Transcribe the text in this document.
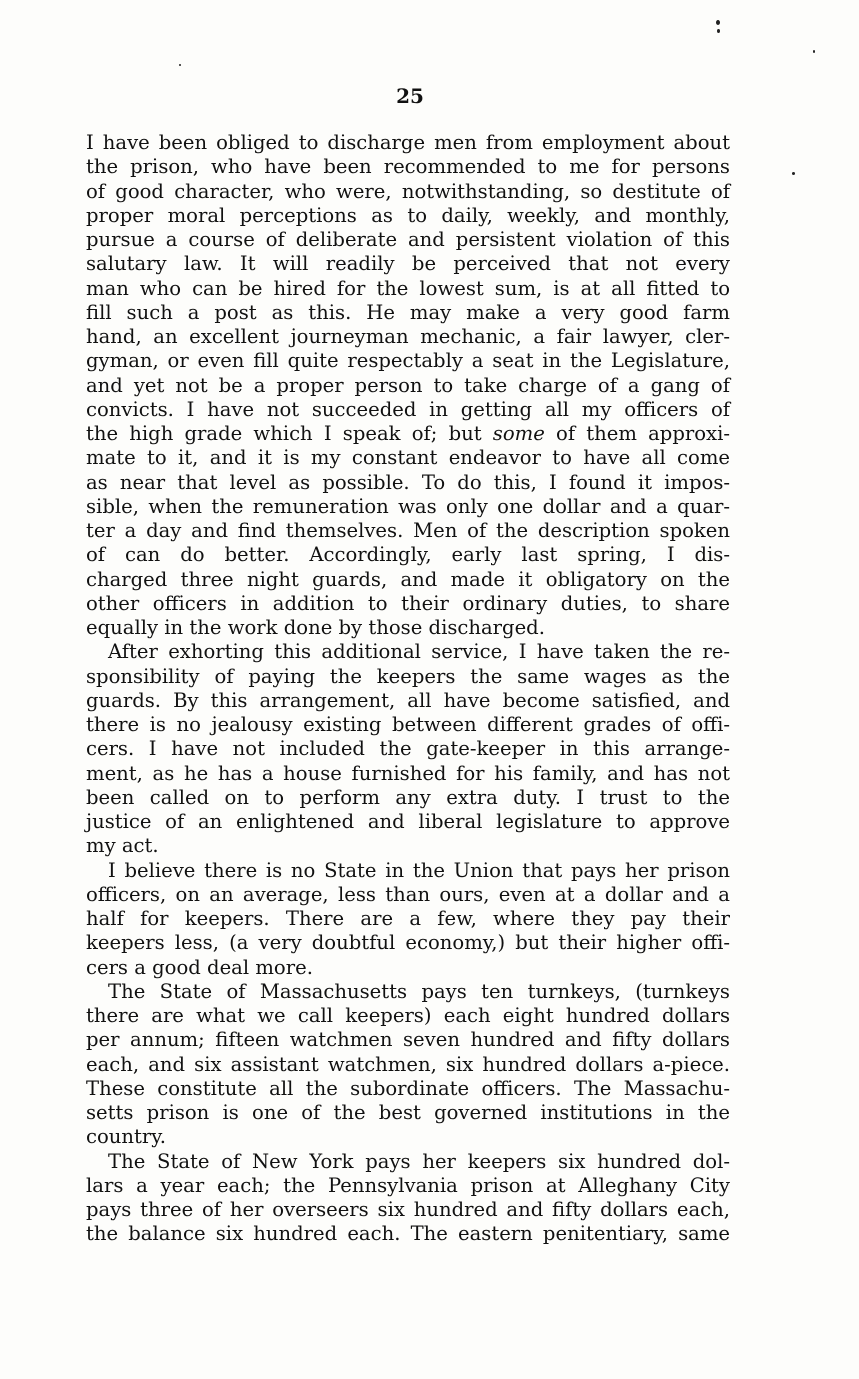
25
I have been obliged to discharge men from employment about
the prison, who have been recommended to me for persons
of good character, who were, notwithstanding, so destitute of
proper moral perceptions as to daily, weekly, and monthly,
pursue a course of deliberate and persistent violation of this
salutary law. It will readily be perceived that not every
man who can be hired for the lowest sum, is at all fitted to
fill such a post as this. He may make a very good farm
hand, an excellent journeyman mechanic, a fair lawyer, cler-
gyman, or even fill quite respectably a seat in the Legislature,
and yet not be a proper person to take charge of a gang of
convicts. I have not succeeded in getting all my officers of
the high grade which I speak of; but some of them approxi-
mate to it, and it is my constant endeavor to have all come
as near that level as possible. To do this, I found it impos-
sible, when the remuneration was only one dollar and a quar-
ter a day and find themselves. Men of the description spoken
of can do better. Accordingly, early last spring, I dis-
charged three night guards, and made it obligatory on the
other officers in addition to their ordinary duties, to share
equally in the work done by those discharged.
After exhorting this additional service, I have taken the re-
sponsibility of paying the keepers the same wages as the
guards. By this arrangement, all have become satisfied, and
there is no jealousy existing between different grades of offi-
cers. I have not included the gate-keeper in this arrange-
ment, as he has a house furnished for his family, and has not
been called on to perform any extra duty. I trust to the
justice of an enlightened and liberal legislature to approve
my act.
I believe there is no State in the Union that pays her prison
officers, on an average, less than ours, even at a dollar and a
half for keepers. There are a few, where they pay their
keepers less, (a very doubtful economy,) but their higher offi-
cers a good deal more.
The State of Massachusetts pays ten turnkeys, (turnkeys
there are what we call keepers) each eight hundred dollars
per annum; fifteen watchmen seven hundred and fifty dollars
each, and six assistant watchmen, six hundred dollars a-piece.
These constitute all the subordinate officers. The Massachu-
setts prison is one of the best governed institutions in the
country.
The State of New York pays her keepers six hundred dol-
lars a year each; the Pennsylvania prison at Alleghany City
pays three of her overseers six hundred and fifty dollars each,
the balance six hundred each. The eastern penitentiary, same
